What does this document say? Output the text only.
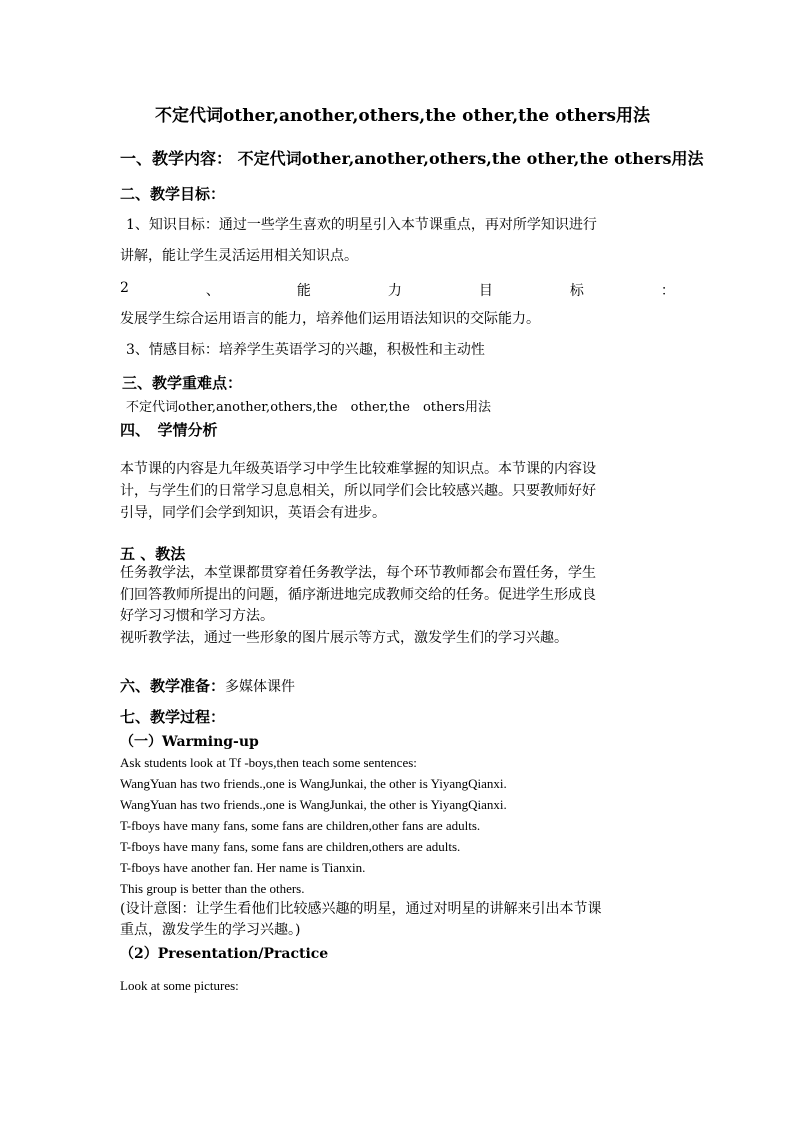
不定代词other,another,others,the other,the others用法
一、教学内容： 不定代词other,another,others,the other,the others用法
二、教学目标：
1、知识目标：通过一些学生喜欢的明星引入本节课重点，再对所学知识进行
讲解，能让学生灵活运用相关知识点。
2	、	能	力	目	标	：
发展学生综合运用语言的能力，培养他们运用语法知识的交际能力。
3、情感目标：培养学生英语学习的兴趣，积极性和主动性
三、教学重难点：
不定代词other,another,others,the　other,the　others用法
四、　学情分析
本节课的内容是九年级英语学习中学生比较难掌握的知识点。本节课的内容设
计，与学生们的日常学习息息相关，所以同学们会比较感兴趣。只要教师好好
引导，同学们会学到知识，英语会有进步。
五 、教法
任务教学法，本堂课都贯穿着任务教学法，每个环节教师都会布置任务，学生
们回答教师所提出的问题，循序渐进地完成教师交给的任务。促进学生形成良
好学习习惯和学习方法。
视听教学法，通过一些形象的图片展示等方式，激发学生们的学习兴趣。
六、教学准备：多媒体课件
七、教学过程：
（一）Warming-up
Ask students look at Tf -boys,then teach some sentences:
WangYuan has two friends.,one is WangJunkai, the other is YiyangQianxi.
WangYuan has two friends.,one is WangJunkai, the other is YiyangQianxi.
T-fboys have many fans, some fans are children,other fans are adults.
T-fboys have many fans, some fans are children,others are adults.
T-fboys have another fan. Her name is Tianxin.
This group is better than the others.
(设计意图：让学生看他们比较感兴趣的明星，通过对明星的讲解来引出本节课
重点，激发学生的学习兴趣。)
（2）Presentation/Practice
Look at some pictures:
